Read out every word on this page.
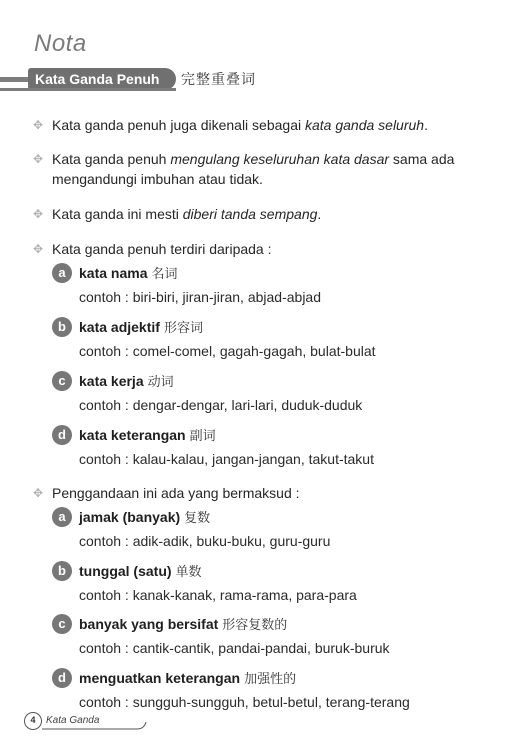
Nota
Kata Ganda Penuh	完整重叠词
✥ Kata ganda penuh juga dikenali sebagai kata ganda seluruh.
✥ Kata ganda penuh mengulang keseluruhan kata dasar sama ada mengandungi imbuhan atau tidak.
✥ Kata ganda ini mesti diberi tanda sempang.
✥ Kata ganda penuh terdiri daripada :
a kata nama 名词
contoh : biri-biri, jiran-jiran, abjad-abjad
b kata adjektif 形容词
contoh : comel-comel, gagah-gagah, bulat-bulat
c kata kerja 动词
contoh : dengar-dengar, lari-lari, duduk-duduk
d kata keterangan 副词
contoh : kalau-kalau, jangan-jangan, takut-takut
✥ Penggandaan ini ada yang bermaksud :
a jamak (banyak) 复数
contoh : adik-adik, buku-buku, guru-guru
b tunggal (satu) 单数
contoh : kanak-kanak, rama-rama, para-para
c banyak yang bersifat 形容复数的
contoh : cantik-cantik, pandai-pandai, buruk-buruk
d menguatkan keterangan 加强性的
contoh : sungguh-sungguh, betul-betul, terang-terang
4	Kata Ganda
